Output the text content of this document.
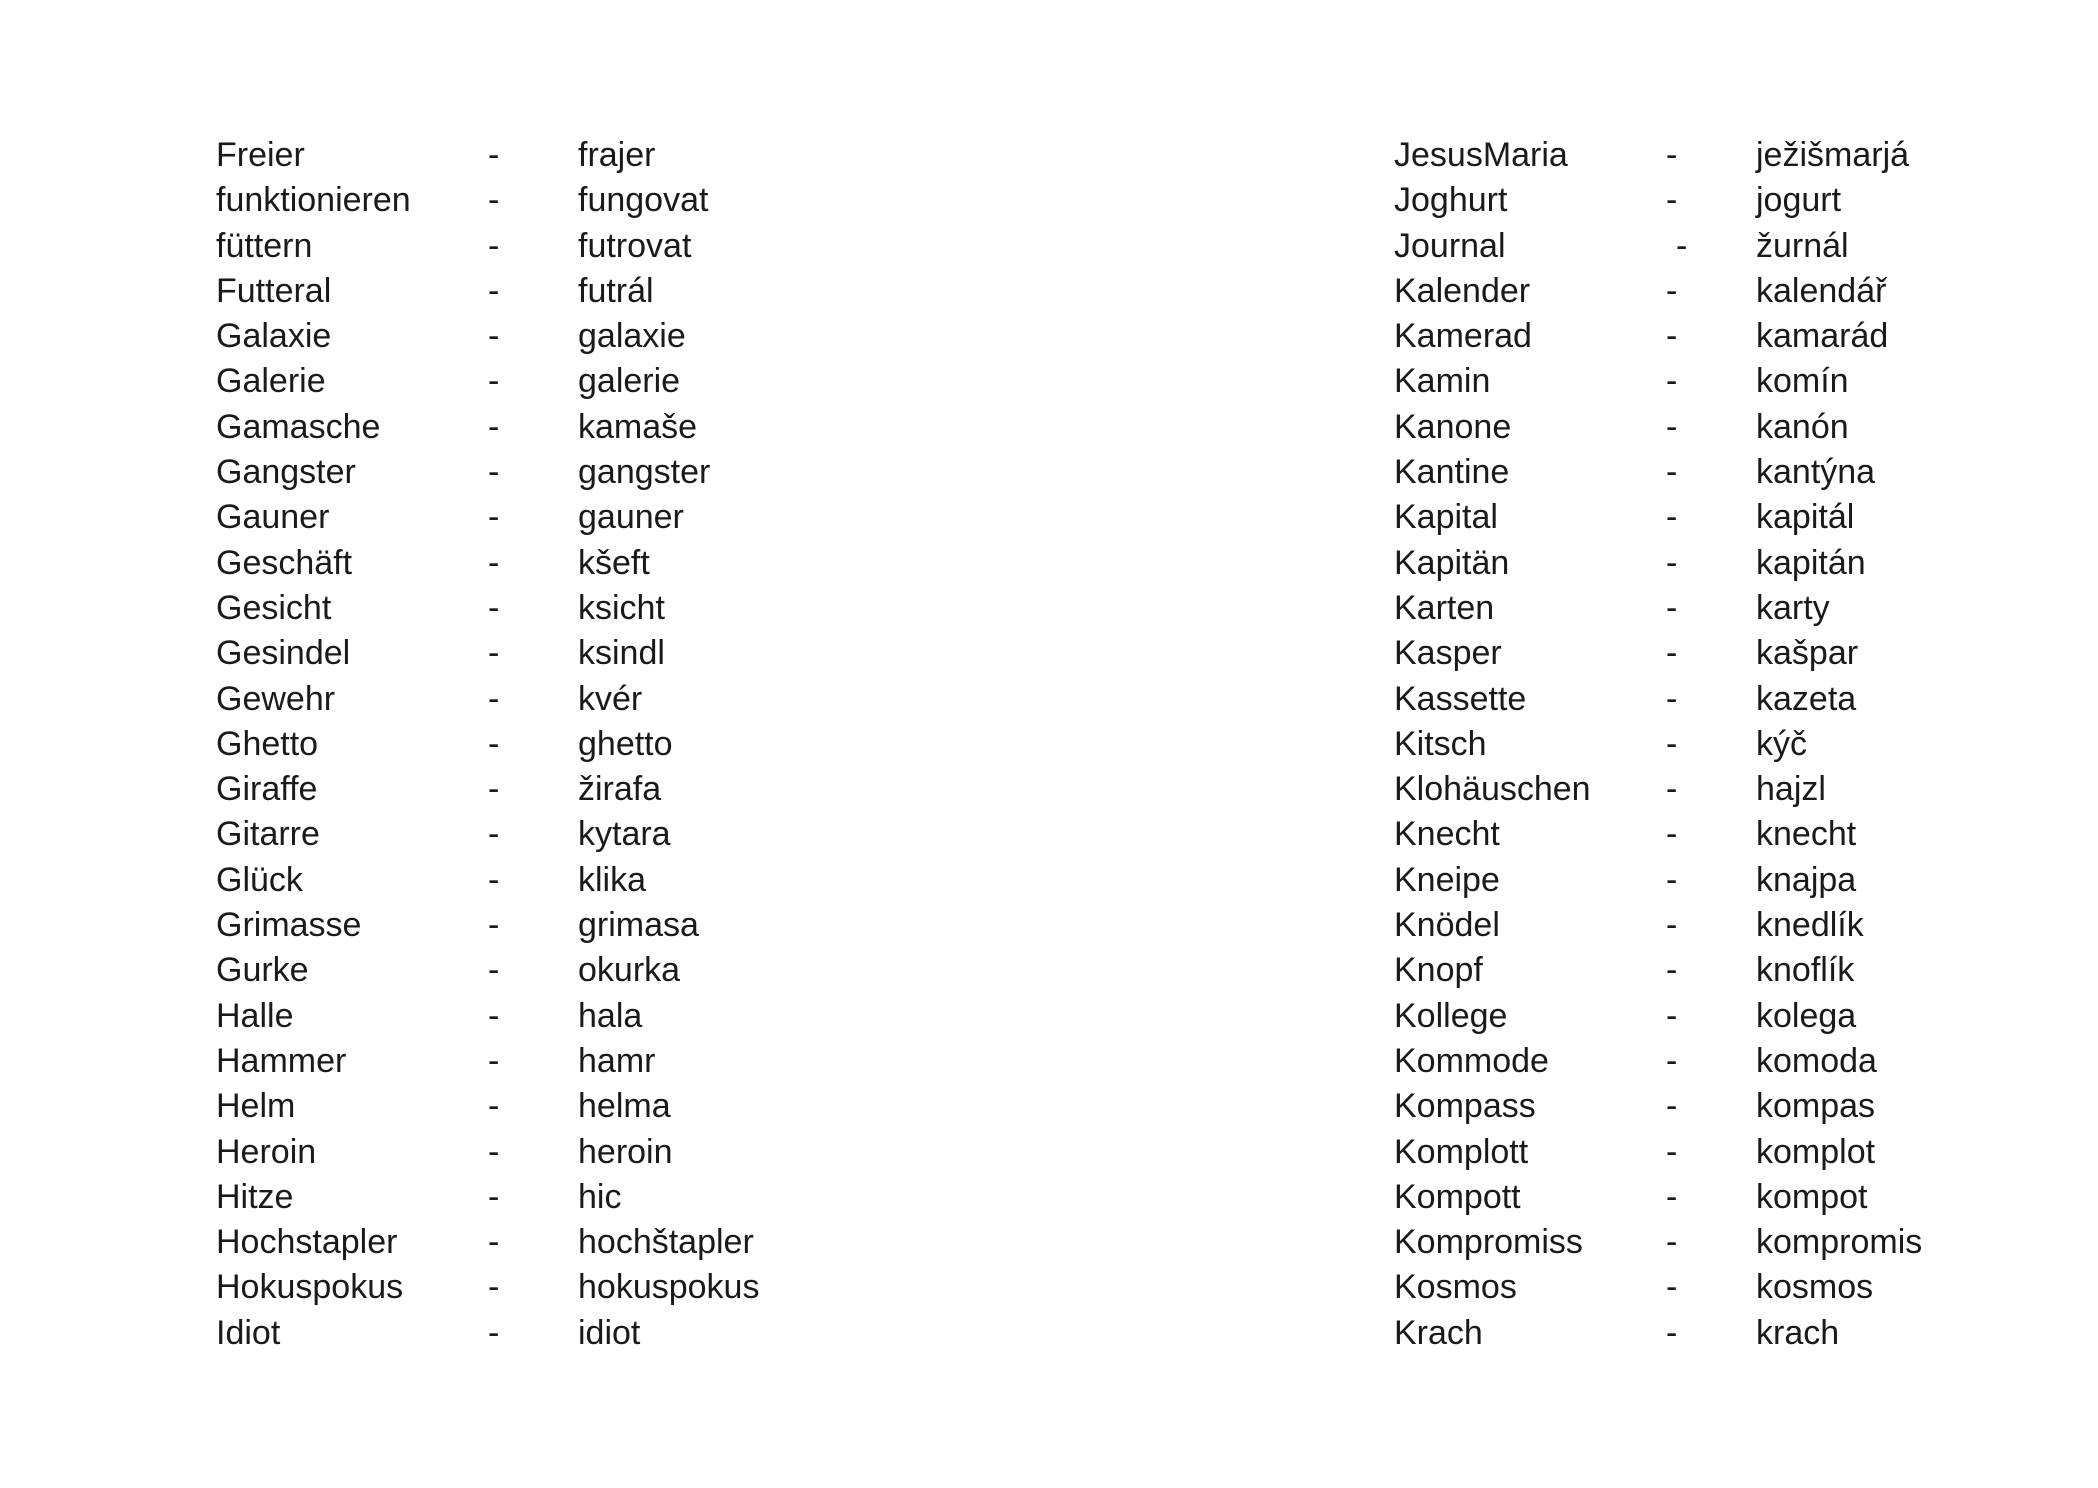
Freier	- frajer
funktionieren - fungovat
füttern	- futrovat
Futteral	- futrál
Galaxie	- galaxie
Galerie	- galerie
Gamasche	- kamaše
Gangster	- gangster
Gauner	- gauner
Geschäft	- kšeft
Gesicht	- ksicht
Gesindel	- ksindl
Gewehr	- kvér
Ghetto	- ghetto
Giraffe	- žirafa
Gitarre	- kytara
Glück	- klika
Grimasse	- grimasa
Gurke	- okurka
Halle	- hala
Hammer	- hamr
Helm	- helma
Heroin	- heroin
Hitze	- hic
Hochstapler	- hochštapler
Hokuspokus - hokuspokus
Idiot	- idiot
JesusMaria	- ježišmarjá
Joghurt	- jogurt
Journal	- žurnál
Kalender	- kalendář
Kamerad	- kamarád
Kamin	- komín
Kanone	- kanón
Kantine	- kantýna
Kapital	- kapitál
Kapitän	- kapitán
Karten	- karty
Kasper	- kašpar
Kassette	- kazeta
Kitsch	- kýč
Klohäuschen - hajzl
Knecht	- knecht
Kneipe	- knajpa
Knödel	- knedlík
Knopf	- knoflík
Kollege	- kolega
Kommode	- komoda
Kompass	- kompas
Komplott	- komplot
Kompott	- kompot
Kompromiss - kompromis
Kosmos	- kosmos
Krach	- krach
